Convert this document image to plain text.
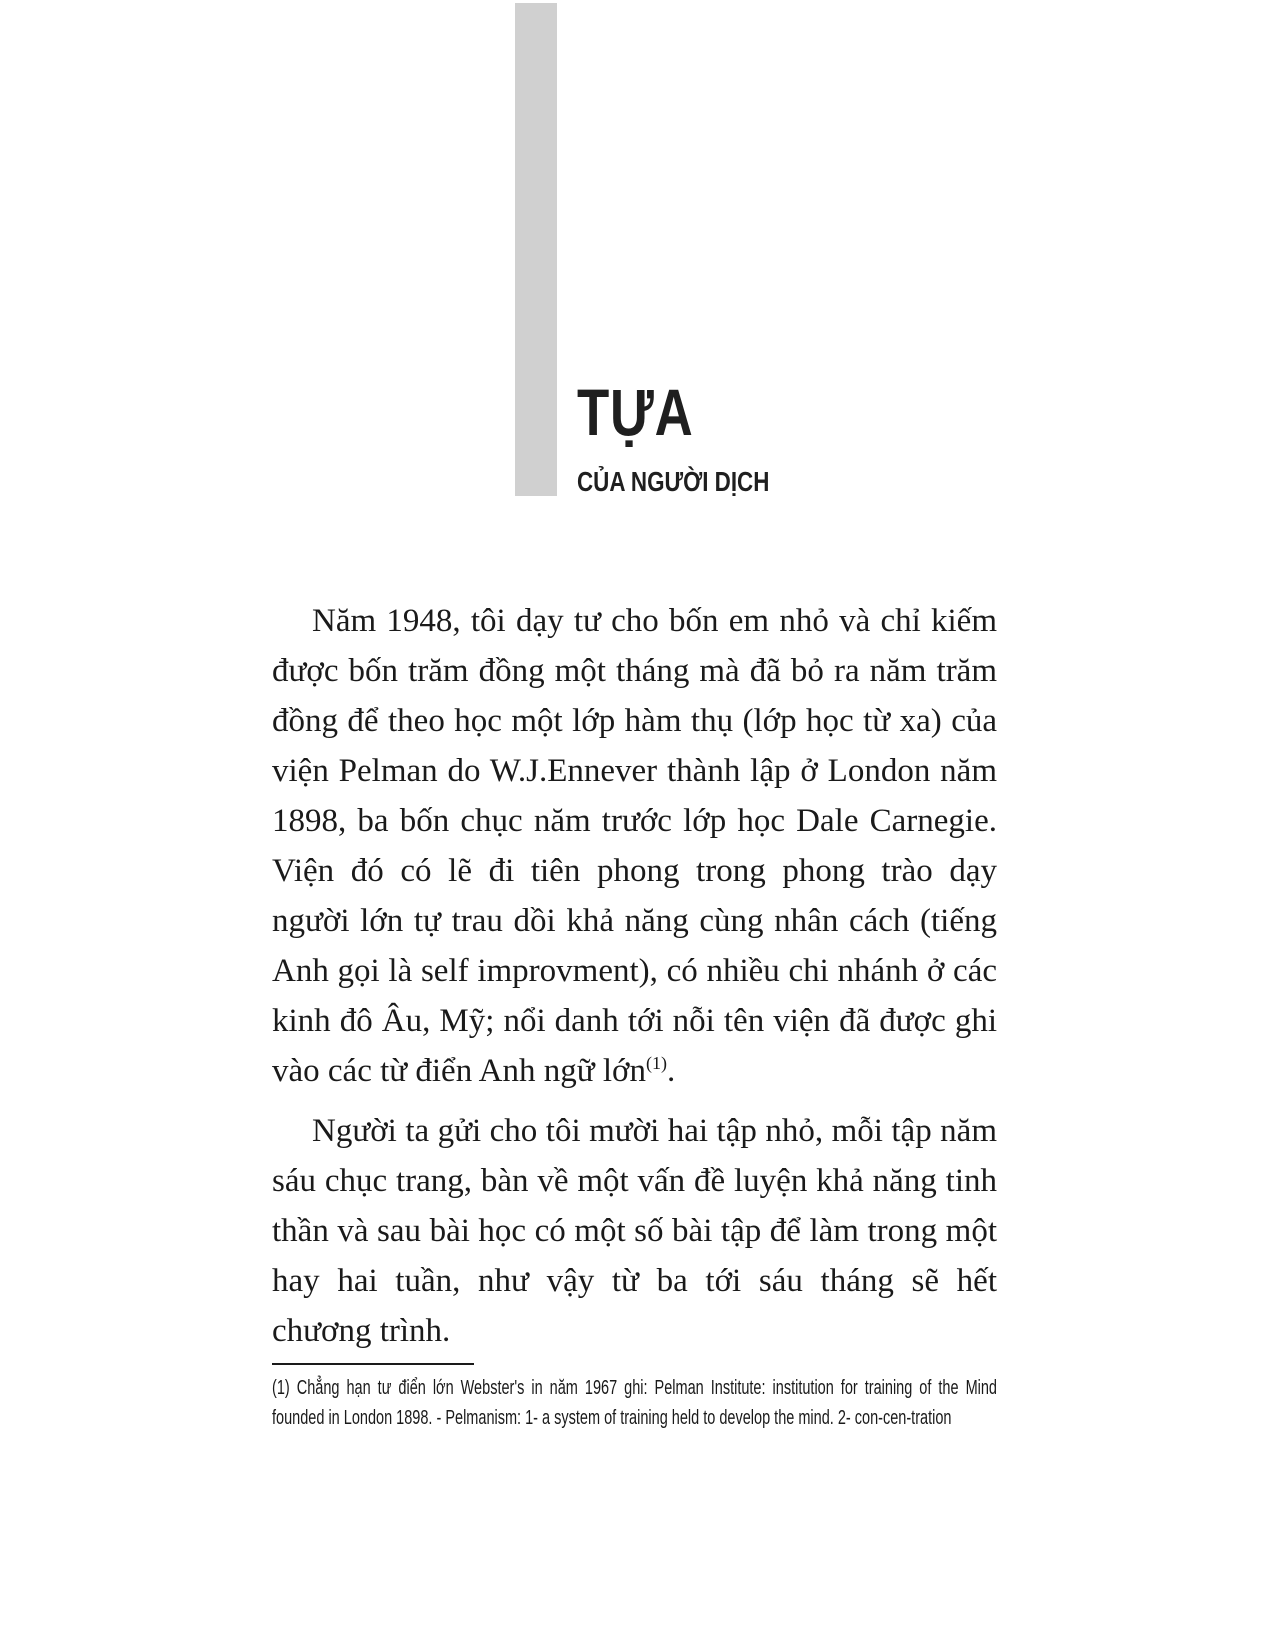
TỰA
CỦA NGƯỜI DỊCH

Năm 1948, tôi dạy tư cho bốn em nhỏ và chỉ kiếm được bốn trăm đồng một tháng mà đã bỏ ra năm trăm đồng để theo học một lớp hàm thụ (lớp học từ xa) của viện Pelman do W.J.Ennever thành lập ở London năm 1898, ba bốn chục năm trước lớp học Dale Carnegie. Viện đó có lẽ đi tiên phong trong phong trào dạy người lớn tự trau dồi khả năng cùng nhân cách (tiếng Anh gọi là self improvment), có nhiều chi nhánh ở các kinh đô Âu, Mỹ; nổi danh tới nỗi tên viện đã được ghi vào các từ điển Anh ngữ lớn$^{(1)}$.

Người ta gửi cho tôi mười hai tập nhỏ, mỗi tập năm sáu chục trang, bàn về một vấn đề luyện khả năng tinh thần và sau bài học có một số bài tập để làm trong một hay hai tuần, như vậy từ ba tới sáu tháng sẽ hết chương trình.

(1) Chẳng hạn tư điển lớn Webster's in năm 1967 ghi: Pelman Institute: institution for training of the Mind founded in London 1898. - Pelmanism: 1- a system of training held to develop the mind. 2- con-cen-tration
